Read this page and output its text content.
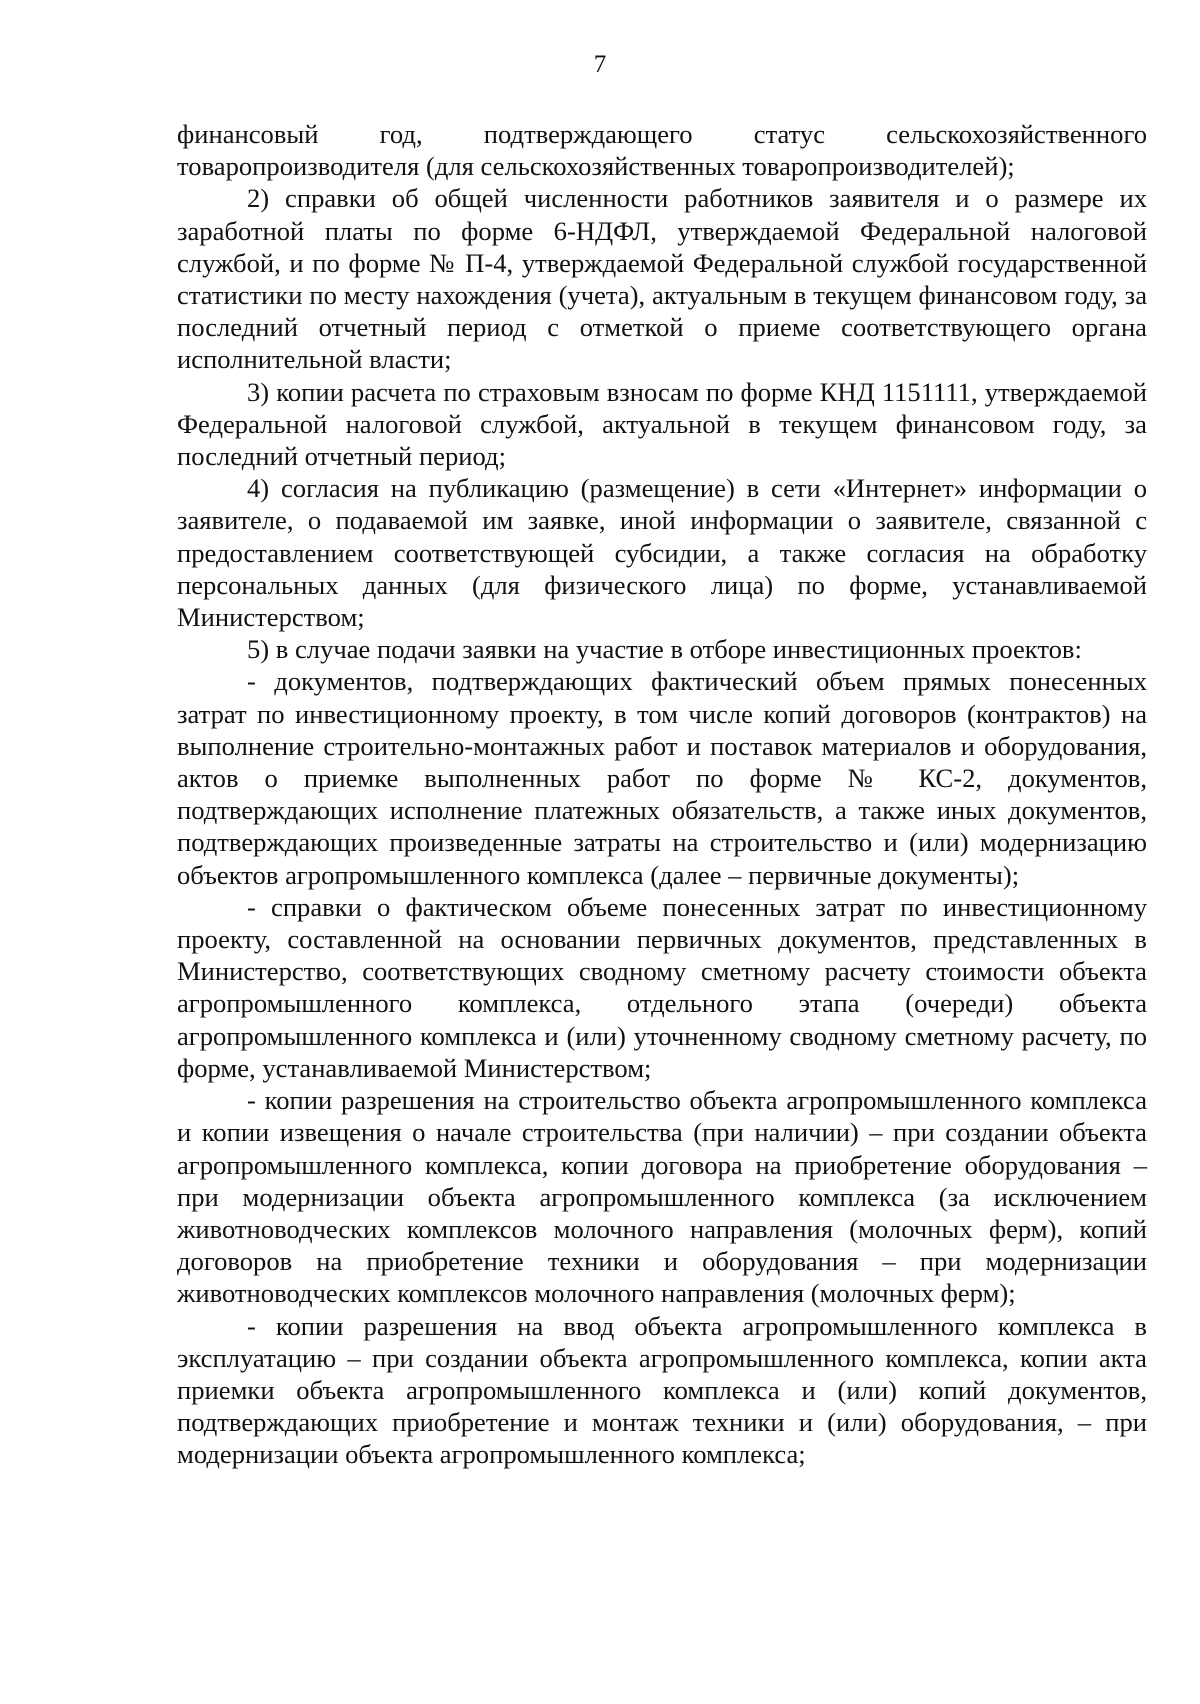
7

финансовый год, подтверждающего статус сельскохозяйственного товаропроизводителя (для сельскохозяйственных товаропроизводителей);

2) справки об общей численности работников заявителя и о размере их заработной платы по форме 6-НДФЛ, утверждаемой Федеральной налоговой службой, и по форме № П-4, утверждаемой Федеральной службой государственной статистики по месту нахождения (учета), актуальным в текущем финансовом году, за последний отчетный период с отметкой о приеме соответствующего органа исполнительной власти;

3) копии расчета по страховым взносам по форме КНД 1151111, утверждаемой Федеральной налоговой службой, актуальной в текущем финансовом году, за последний отчетный период;

4) согласия на публикацию (размещение) в сети «Интернет» информации о заявителе, о подаваемой им заявке, иной информации о заявителе, связанной с предоставлением соответствующей субсидии, а также согласия на обработку персональных данных (для физического лица) по форме, устанавливаемой Министерством;

5) в случае подачи заявки на участие в отборе инвестиционных проектов:

- документов, подтверждающих фактический объем прямых понесенных затрат по инвестиционному проекту, в том числе копий договоров (контрактов) на выполнение строительно-монтажных работ и поставок материалов и оборудования, актов о приемке выполненных работ по форме № КС-2, документов, подтверждающих исполнение платежных обязательств, а также иных документов, подтверждающих произведенные затраты на строительство и (или) модернизацию объектов агропромышленного комплекса (далее – первичные документы);

- справки о фактическом объеме понесенных затрат по инвестиционному проекту, составленной на основании первичных документов, представленных в Министерство, соответствующих сводному сметному расчету стоимости объекта агропромышленного комплекса, отдельного этапа (очереди) объекта агропромышленного комплекса и (или) уточненному сводному сметному расчету, по форме, устанавливаемой Министерством;

- копии разрешения на строительство объекта агропромышленного комплекса и копии извещения о начале строительства (при наличии) – при создании объекта агропромышленного комплекса, копии договора на приобретение оборудования – при модернизации объекта агропромышленного комплекса (за исключением животноводческих комплексов молочного направления (молочных ферм), копий договоров на приобретение техники и оборудования – при модернизации животноводческих комплексов молочного направления (молочных ферм);

- копии разрешения на ввод объекта агропромышленного комплекса в эксплуатацию – при создании объекта агропромышленного комплекса, копии акта приемки объекта агропромышленного комплекса и (или) копий документов, подтверждающих приобретение и монтаж техники и (или) оборудования, – при модернизации объекта агропромышленного комплекса;
